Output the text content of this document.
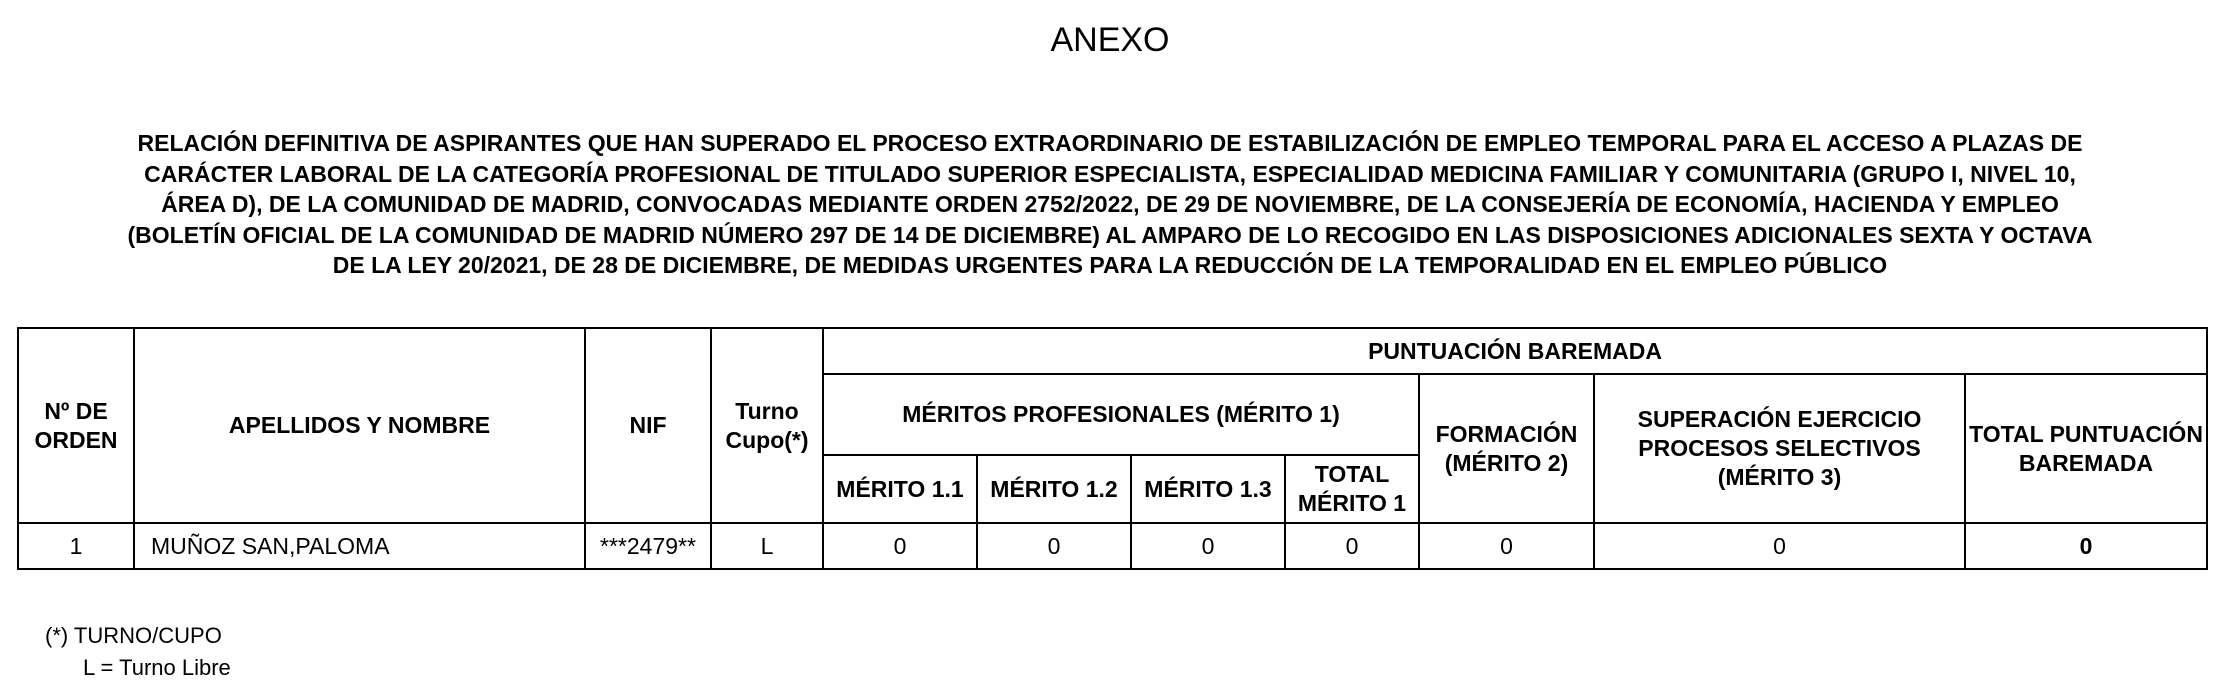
ANEXO
RELACIÓN DEFINITIVA DE ASPIRANTES QUE HAN SUPERADO EL PROCESO EXTRAORDINARIO DE ESTABILIZACIÓN DE EMPLEO TEMPORAL PARA EL ACCESO A PLAZAS DE
CARÁCTER LABORAL DE LA CATEGORÍA PROFESIONAL DE TITULADO SUPERIOR ESPECIALISTA, ESPECIALIDAD MEDICINA FAMILIAR Y COMUNITARIA (GRUPO I, NIVEL 10,
ÁREA D), DE LA COMUNIDAD DE MADRID, CONVOCADAS MEDIANTE ORDEN 2752/2022, DE 29 DE NOVIEMBRE, DE LA CONSEJERÍA DE ECONOMÍA, HACIENDA Y EMPLEO
(BOLETÍN OFICIAL DE LA COMUNIDAD DE MADRID NÚMERO 297 DE 14 DE DICIEMBRE) AL AMPARO DE LO RECOGIDO EN LAS DISPOSICIONES ADICIONALES SEXTA Y OCTAVA
DE LA LEY 20/2021, DE 28 DE DICIEMBRE, DE MEDIDAS URGENTES PARA LA REDUCCIÓN DE LA TEMPORALIDAD EN EL EMPLEO PÚBLICO
Nº DE ORDEN	APELLIDOS Y NOMBRE	NIF	Turno Cupo(*)	PUNTUACIÓN BAREMADA						
				MÉRITOS PROFESIONALES (MÉRITO 1)				FORMACIÓN (MÉRITO 2)	SUPERACIÓN EJERCICIO PROCESOS SELECTIVOS (MÉRITO 3)	TOTAL PUNTUACIÓN BAREMADA
				MÉRITO 1.1	MÉRITO 1.2	MÉRITO 1.3	TOTAL MÉRITO 1			
1	MUÑOZ SAN,PALOMA	***2479**	L	0	0	0	0	0	0	0
(*) TURNO/CUPO
L = Turno Libre
